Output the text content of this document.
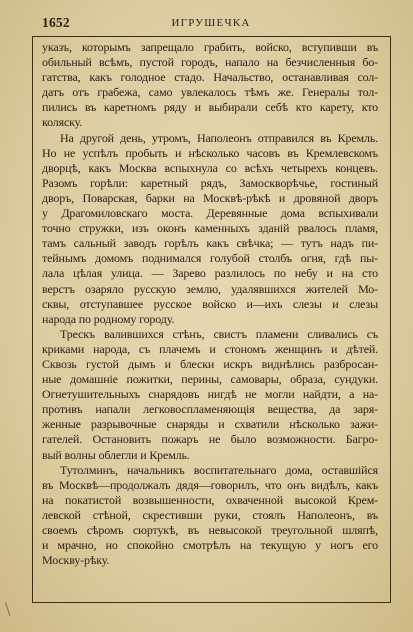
1652	ИГРУШЕЧКА
указъ, которымъ запрещало грабить, войско, вступивши въ
обильный всѣмъ, пустой городъ, напало на безчисленныя бо-
гатства, какъ голодное стадо. Начальство, останавливая сол-
датъ отъ грабежа, само увлекалось тѣмъ же. Генералы тол-
пились въ каретномъ ряду и выбирали себѣ кто карету, кто
коляску.
На другой день, утромъ, Наполеонъ отправился въ Кремль.
Но не успѣлъ пробыть и нѣсколько часовъ въ Кремлевскомъ
дворцѣ, какъ Москва вспыхнула со всѣхъ четырехъ концевъ.
Разомъ горѣли: каретный рядъ, Замоскворѣчье, гостиный
дворъ, Поварская, барки на Москвѣ-рѣкѣ и дровяной дворъ
у Драгомиловскаго моста. Деревянные дома вспыхивали
точно стружки, изъ оконъ каменныхъ зданій рвалось пламя,
тамъ сальный заводъ горѣлъ какъ свѣчка; — тутъ надъ пи-
тейнымъ домомъ поднимался голубой столбъ огня, гдѣ пы-
лала цѣлая улица. — Зарево разлилось по небу и на сто
верстъ озаряло русскую землю, удалявшихся жителей Мо-
сквы, отступавшее русское войско и—ихъ слезы и слезы
народа по родному городу.
Трескъ валившихся стѣнъ, свистъ пламени сливались съ
криками народа, съ плачемъ и стономъ женщинъ и дѣтей.
Сквозь густой дымъ и блески искръ виднѣлись разбросан-
ные домашніе пожитки, перины, самовары, образа, сундуки.
Огнетушительныхъ снарядовъ нигдѣ не могли найдти, а на-
противъ напали легковоспламеняющія вещества, да заря-
женные разрывочные снаряды и схватили нѣсколько зажи-
гателей. Остановить пожаръ не было возможности. Багро-
вый волны облегли и Кремль.
Тутолминъ, начальникъ воспитательнаго дома, оставшійся
въ Москвѣ—продолжалъ дядя—говорилъ, что онъ видѣлъ, какъ
на покатистой возвышенности, охваченной высокой Крем-
левской стѣной, скрестивши руки, стоялъ Наполеонъ, въ
своемъ сѣромъ сюртукѣ, въ невысокой треугольной шляпѣ,
и мрачно, но спокойно смотрѣлъ на текущую у ногъ его
Москву-рѣку.
